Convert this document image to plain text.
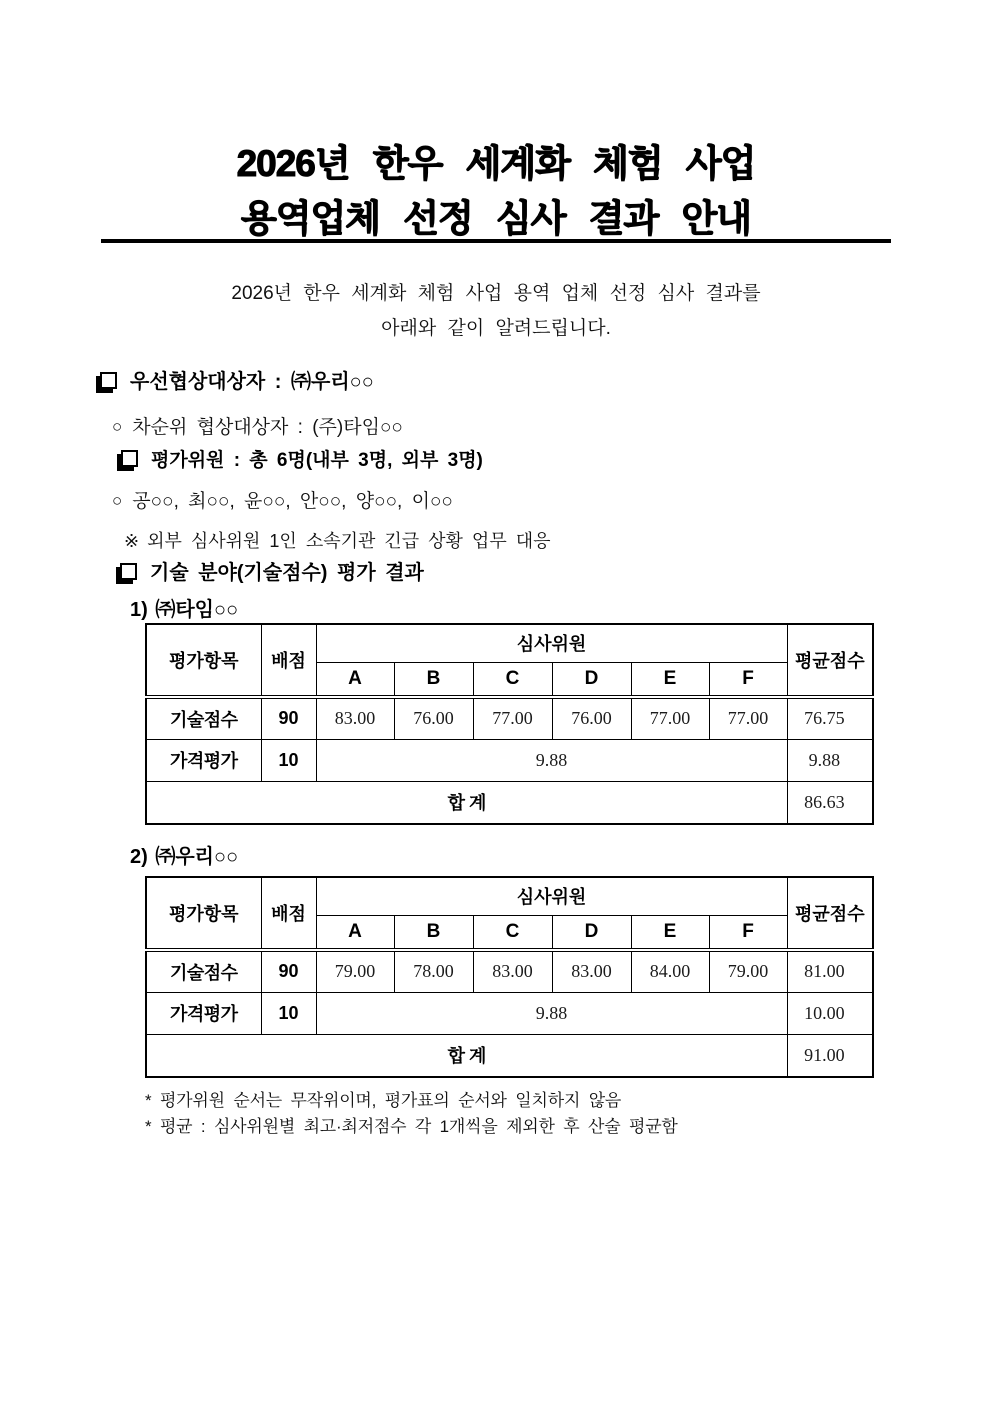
2026년 한우 세계화 체험 사업
용역업체 선정 심사 결과 안내
2026년 한우 세계화 체험 사업 용역 업체 선정 심사 결과를
아래와 같이 알려드립니다.
우선협상대상자 : ㈜우리○○
○ 차순위 협상대상자 : (주)타임○○
평가위원 : 총 6명(내부 3명, 외부 3명)
○ 공○○, 최○○, 윤○○, 안○○, 양○○, 이○○
※ 외부 심사위원 1인 소속기관 긴급 상황 업무 대응
기술 분야(기술점수) 평가 결과
1) ㈜타임○○
평가항목	배점	심사위원						평균점수
		A	B	C	D	E	F	
기술점수	90	83.00	76.00	77.00	76.00	77.00	77.00	76.75
가격평가	10	9.88						9.88
합 계								86.63
2) ㈜우리○○
평가항목	배점	심사위원						평균점수
		A	B	C	D	E	F	
기술점수	90	79.00	78.00	83.00	83.00	84.00	79.00	81.00
가격평가	10	9.88						10.00
합 계								91.00
* 평가위원 순서는 무작위이며, 평가표의 순서와 일치하지 않음
* 평균 : 심사위원별 최고·최저점수 각 1개씩을 제외한 후 산술 평균함
